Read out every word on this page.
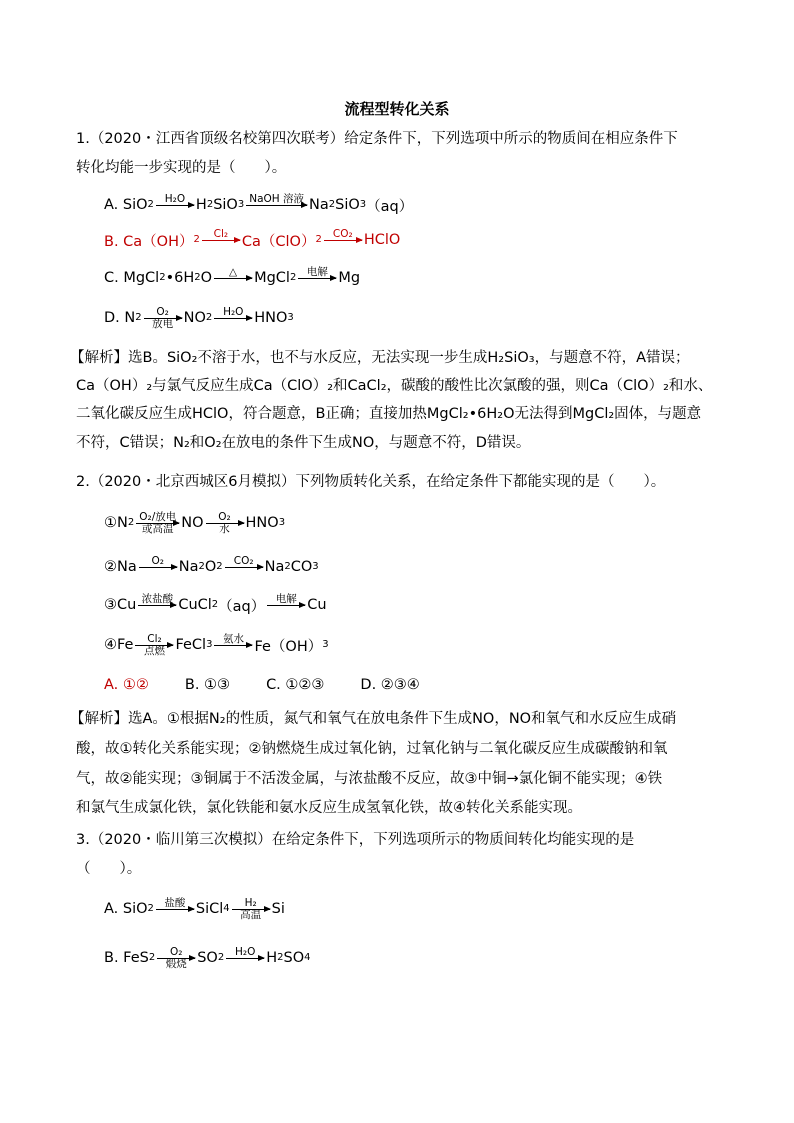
流程型转化关系
1.（2020・江西省顶级名校第四次联考）给定条件下，下列选项中所示的物质间在相应条件下
转化均能一步实现的是（　　）。
A. SiO 2 H₂O H 2 SiO 3 NaOH 溶液 Na 2 SiO 3 （aq）
B. Ca（OH） 2 Cl₂ Ca（ClO） 2 CO₂ HClO
C. MgCl 2 •6H 2 O △ MgCl 2 电解 Mg
D. N 2 O₂
放电 NO 2 H₂O HNO 3
【解析】选B。SiO₂不溶于水，也不与水反应，无法实现一步生成H₂SiO₃，与题意不符，A错误；
Ca（OH）₂与氯气反应生成Ca（ClO）₂和CaCl₂，碳酸的酸性比次氯酸的强，则Ca（ClO）₂和水、
二氧化碳反应生成HClO，符合题意，B正确；直接加热MgCl₂•6H₂O无法得到MgCl₂固体，与题意
不符，C错误；N₂和O₂在放电的条件下生成NO，与题意不符，D错误。
2.（2020・北京西城区6月模拟）下列物质转化关系，在给定条件下都能实现的是（　　）。
①N 2 O₂/放电
或高温 NO O₂
水 HNO 3
②Na O₂ Na 2 O 2 CO₂ Na 2 CO 3
③Cu 浓盐酸 CuCl 2 （aq） 电解 Cu
④Fe Cl₂
点燃 FeCl 3 氨水 Fe（OH） 3
A. ①② B. ①③ C. ①②③ D. ②③④
【解析】选A。①根据N₂的性质，氮气和氧气在放电条件下生成NO，NO和氧气和水反应生成硝
酸，故①转化关系能实现；②钠燃烧生成过氧化钠，过氧化钠与二氧化碳反应生成碳酸钠和氧
气，故②能实现；③铜属于不活泼金属，与浓盐酸不反应，故③中铜→氯化铜不能实现；④铁
和氯气生成氯化铁，氯化铁能和氨水反应生成氢氧化铁，故④转化关系能实现。
3.（2020・临川第三次模拟）在给定条件下，下列选项所示的物质间转化均能实现的是
（　　）。
A. SiO 2 盐酸 SiCl 4 H₂
高温 Si
B. FeS 2 O₂
煅烧 SO 2 H₂O H 2 SO 4
